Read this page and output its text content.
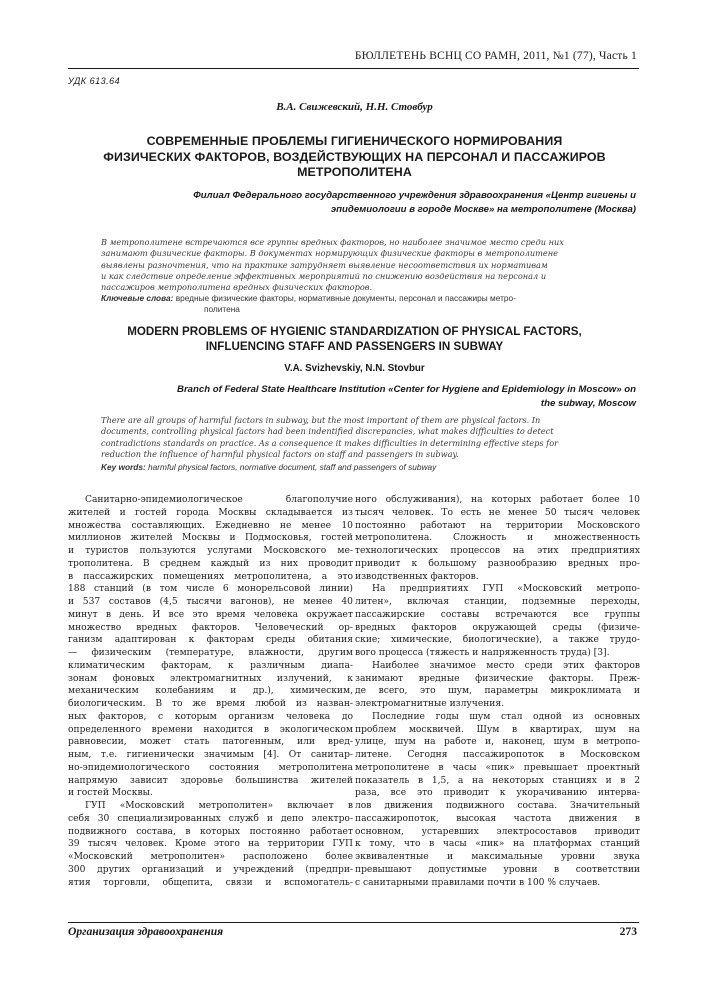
БЮЛЛЕТЕНЬ ВСНЦ СО РАМН, 2011, №1 (77), Часть 1
УДК 613.64
В.А. Свижевский, Н.Н. Стовбур
СОВРЕМЕННЫЕ ПРОБЛЕМЫ ГИГИЕНИЧЕСКОГО НОРМИРОВАНИЯ
ФИЗИЧЕСКИХ ФАКТОРОВ, ВОЗДЕЙСТВУЮЩИХ НА ПЕРСОНАЛ И ПАССАЖИРОВ
МЕТРОПОЛИТЕНА
Филиал Федерального государственного учреждения здравоохранения «Центр гигиены и
эпидемиологии в городе Москве» на метрополитене (Москва)
В метрополитене встречаются все группы вредных факторов, но наиболее значимое место среди них
занимают физические факторы. В документах нормирующих физические факторы в метрополитене
выявлены разночтения, что на практике затрудняет выявление несоответствия их нормативам
и как следствие определение эффективных мероприятий по снижению воздействия на персонал и
пассажиров метрополитена вредных физических факторов.
Ключевые слова: вредные физические факторы, нормативные документы, персонал и пассажиры метро-
политена
MODERN PROBLEMS OF HYGIENIC STANDARDIZATION OF PHYSICAL FACTORS,
INFLUENCING STAFF AND PASSENGERS IN SUBWAY
V.A. Svizhevskiy, N.N. Stovbur
Branch of Federal State Healthcare Institution «Center for Hygiene and Epidemiology in Moscow» on
the subway, Moscow
There are all groups of harmful factors in subway, but the most important of them are physical factors. In
documents, controlling physical factors had been indentified discrepancies, what makes difficulties to detect
contradictions standards on practice. As a consequence it makes difficulties in determining effective steps for
reduction the influence of harmful physical factors on staff and passengers in subway.
Key words: harmful physical factors, normative document, staff and passengers of subway
Санитарно-эпидемиологическое благополучие
жителей и гостей города Москвы складывается из
множества составляющих. Ежедневно не менее 10
миллионов жителей Москвы и Подмосковья, гостей
и туристов пользуются услугами Московского ме-
трополитена. В среднем каждый из них проводит
в пассажирских помещениях метрополитена, а это
188 станций (в том числе 6 монорельсовой линии)
и 537 составов (4,5 тысячи вагонов), не менее 40
минут в день. И все это время человека окружает
множество вредных факторов. Человеческий ор-
ганизм адаптирован к факторам среды обитания
— физическим (температуре, влажности, другим
климатическим факторам, к различным диапа-
зонам фоновых электромагнитных излучений, к
механическим колебаниям и др.), химическим,
биологическим. В то же время любой из назван-
ных факторов, с которым организм человека до
определенного времени находится в экологическом
равновесии, может стать патогенным, или вред-
ным, т.е. гигиенически значимым [4]. От санитар-
но-эпидемиологического состояния метрополитена
напрямую зависит здоровье большинства жителей
и гостей Москвы.
ГУП «Московский метрополитен» включает в
себя 30 специализированных служб и депо электро-
подвижного состава, в которых постоянно работает
39 тысяч человек. Кроме этого на территории ГУП
«Московский метрополитен» расположено более
300 других организаций и учреждений (предпри-
ятия торговли, общепита, связи и вспомогатель-
ного обслуживания), на которых работает более 10
тысяч человек. То есть не менее 50 тысяч человек
постоянно работают на территории Московского
метрополитена. Сложность и множественность
технологических процессов на этих предприятиях
приводит к большому разнообразию вредных про-
изводственных факторов.
На предприятиях ГУП «Московский метропо-
литен», включая станции, подземные переходы,
пассажирские составы встречаются все группы
вредных факторов окружающей среды (физиче-
ские; химические, биологические), а также трудо-
вого процесса (тяжесть и напряженность труда) [3].
Наиболее значимое место среди этих факторов
занимают вредные физические факторы. Преж-
де всего, это шум, параметры микроклимата и
электромагнитные излучения.
Последние годы шум стал одной из основных
проблем москвичей. Шум в квартирах, шум на
улице, шум на работе и, наконец, шум в метропо-
литене. Сегодня пассажиропоток в Московском
метрополитене в часы «пик» превышает проектный
показатель в 1,5, а на некоторых станциях и в 2
раза, все это приводит к укорачиванию интерва-
лов движения подвижного состава. Значительный
пассажиропоток, высокая частота движения в
основном, устаревших электросоставов приводит
к тому, что в часы «пик» на платформах станций
эквивалентные и максимальные уровни звука
превышают допустимые уровни в соответствии
с санитарными правилами почти в 100 % случаев.
Организация здравоохранения	273
